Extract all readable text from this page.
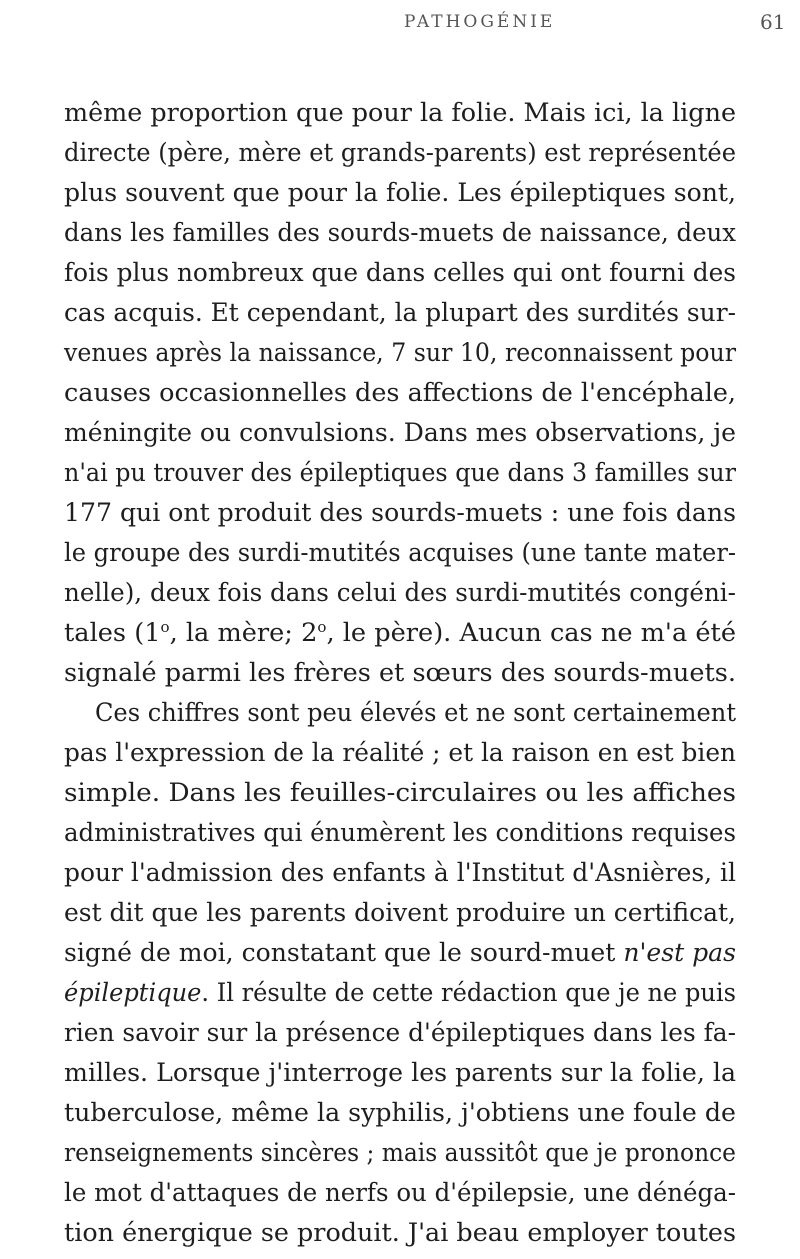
PATHOGÉNIE	61
même proportion que pour la folie. Mais ici, la ligne
directe (père, mère et grands-parents) est représentée
plus souvent que pour la folie. Les épileptiques sont,
dans les familles des sourds-muets de naissance, deux
fois plus nombreux que dans celles qui ont fourni des
cas acquis. Et cependant, la plupart des surdités sur-
venues après la naissance, 7 sur 10, reconnaissent pour
causes occasionnelles des affections de l'encéphale,
méningite ou convulsions. Dans mes observations, je
n'ai pu trouver des épileptiques que dans 3 familles sur
177 qui ont produit des sourds-muets : une fois dans
le groupe des surdi-mutités acquises (une tante mater-
nelle), deux fois dans celui des surdi-mutités congéni-
tales (1$^o$, la mère; 2$^o$, le père). Aucun cas ne m'a été
signalé parmi les frères et sœurs des sourds-muets.
Ces chiffres sont peu élevés et ne sont certainement
pas l'expression de la réalité ; et la raison en est bien
simple. Dans les feuilles-circulaires ou les affiches
administratives qui énumèrent les conditions requises
pour l'admission des enfants à l'Institut d'Asnières, il
est dit que les parents doivent produire un certificat,
signé de moi, constatant que le sourd-muet n'est pas
épileptique. Il résulte de cette rédaction que je ne puis
rien savoir sur la présence d'épileptiques dans les fa-
milles. Lorsque j'interroge les parents sur la folie, la
tuberculose, même la syphilis, j'obtiens une foule de
renseignements sincères ; mais aussitôt que je prononce
le mot d'attaques de nerfs ou d'épilepsie, une dénéga-
tion énergique se produit. J'ai beau employer toutes
